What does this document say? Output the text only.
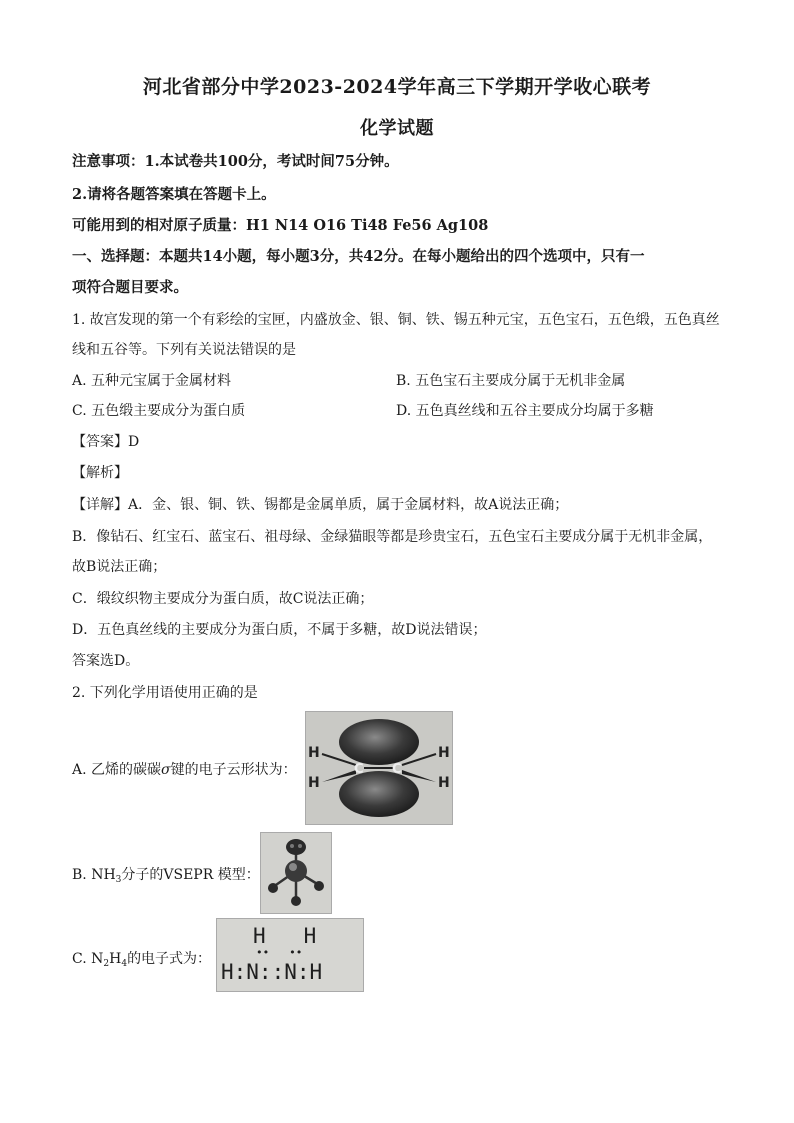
河北省部分中学2023-2024学年高三下学期开学收心联考
化学试题
注意事项：1.本试卷共100分，考试时间75分钟。
2.请将各题答案填在答题卡上。
可能用到的相对原子质量：H1 N14 O16 Ti48 Fe56 Ag108
一、选择题：本题共14小题，每小题3分，共42分。在每小题给出的四个选项中，只有一
项符合题目要求。
1. 故宫发现的第一个有彩绘的宝匣，内盛放金、银、铜、铁、锡五种元宝，五色宝石，五色缎，五色真丝
线和五谷等。下列有关说法错误的是
A. 五种元宝属于金属材料	B. 五色宝石主要成分属于无机非金属
C. 五色缎主要成分为蛋白质	D. 五色真丝线和五谷主要成分均属于多糖
【答案】D
【解析】
【详解】A．金、银、铜、铁、锡都是金属单质，属于金属材料，故A说法正确；
B．像钻石、红宝石、蓝宝石、祖母绿、金绿猫眼等都是珍贵宝石，五色宝石主要成分属于无机非金属，
故B说法正确；
C．缎纹织物主要成分为蛋白质，故C说法正确；
D．五色真丝线的主要成分为蛋白质，不属于多糖，故D说法错误；
答案选D。
2. 下列化学用语使用正确的是
A. 乙烯的碳碳σ键的电子云形状为：
H
H
H
H
C C
B. $NH_3$分子的VSEPR 模型：
C. $N_2H_4$的电子式为：
H   H
••   ••
H:N::N:H
